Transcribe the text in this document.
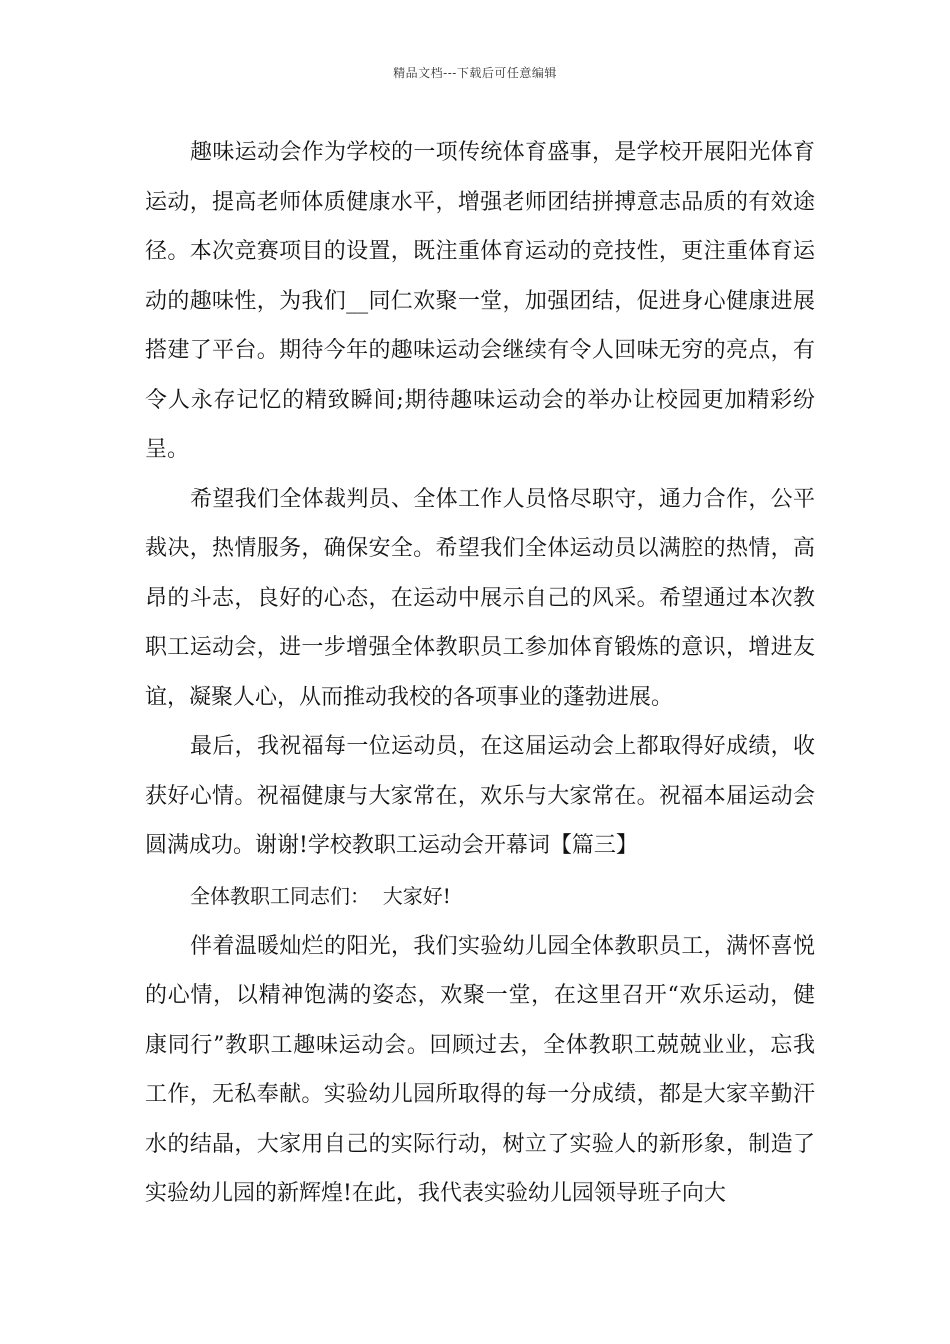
精品文档---下载后可任意编辑

趣味运动会作为学校的一项传统体育盛事，是学校开展阳光体育运动，提高老师体质健康水平，增强老师团结拼搏意志品质的有效途径。本次竞赛项目的设置，既注重体育运动的竞技性，更注重体育运动的趣味性，为我们__同仁欢聚一堂，加强团结，促进身心健康进展搭建了平台。期待今年的趣味运动会继续有令人回味无穷的亮点，有令人永存记忆的精致瞬间;期待趣味运动会的举办让校园更加精彩纷呈。

希望我们全体裁判员、全体工作人员恪尽职守，通力合作，公平裁决，热情服务，确保安全。希望我们全体运动员以满腔的热情，高昂的斗志，良好的心态，在运动中展示自己的风采。希望通过本次教职工运动会，进一步增强全体教职员工参加体育锻炼的意识，增进友谊，凝聚人心，从而推动我校的各项事业的蓬勃进展。

最后，我祝福每一位运动员，在这届运动会上都取得好成绩，收获好心情。祝福健康与大家常在，欢乐与大家常在。祝福本届运动会圆满成功。谢谢!学校教职工运动会开幕词【篇三】

全体教职工同志们：  大家好!

伴着温暖灿烂的阳光，我们实验幼儿园全体教职员工，满怀喜悦的心情，以精神饱满的姿态，欢聚一堂，在这里召开“欢乐运动，健康同行”教职工趣味运动会。回顾过去，全体教职工兢兢业业，忘我工作，无私奉献。实验幼儿园所取得的每一分成绩，都是大家辛勤汗水的结晶，大家用自己的实际行动，树立了实验人的新形象，制造了实验幼儿园的新辉煌!在此，我代表实验幼儿园领导班子向大
